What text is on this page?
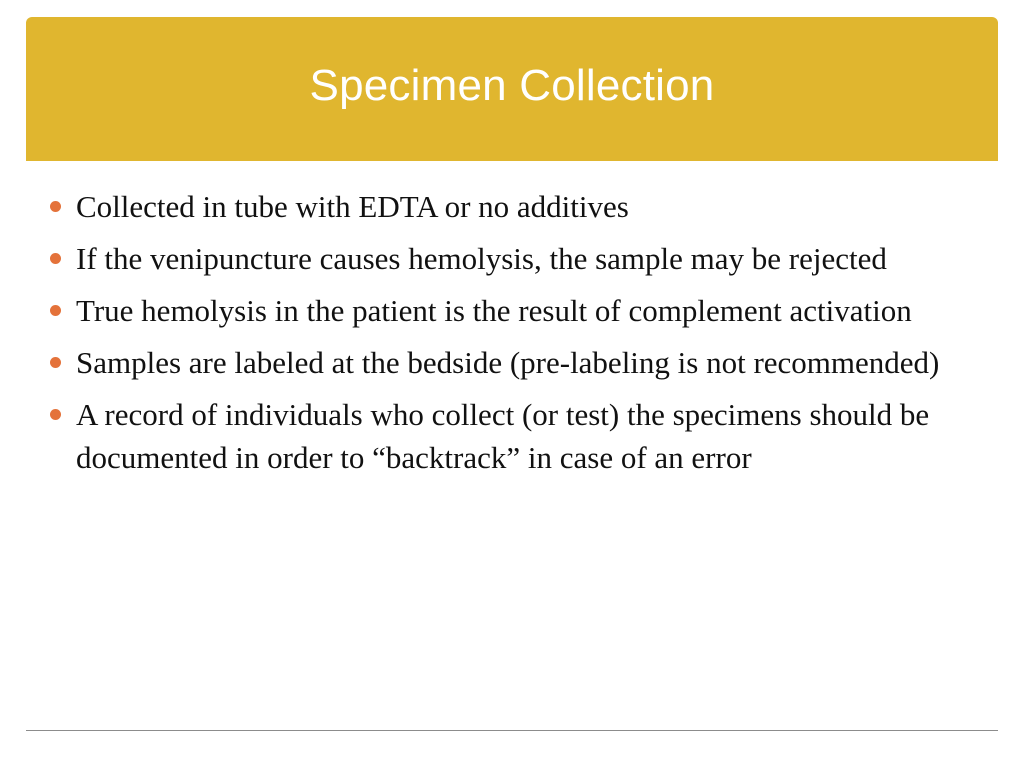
Specimen Collection
Collected in tube with EDTA or no additives
If the venipuncture causes hemolysis, the sample may be rejected
True hemolysis in the patient is the result of complement activation
Samples are labeled at the bedside (pre-labeling is not recommended)
A record of individuals who collect (or test) the specimens should be documented in order to “backtrack” in case of an error
